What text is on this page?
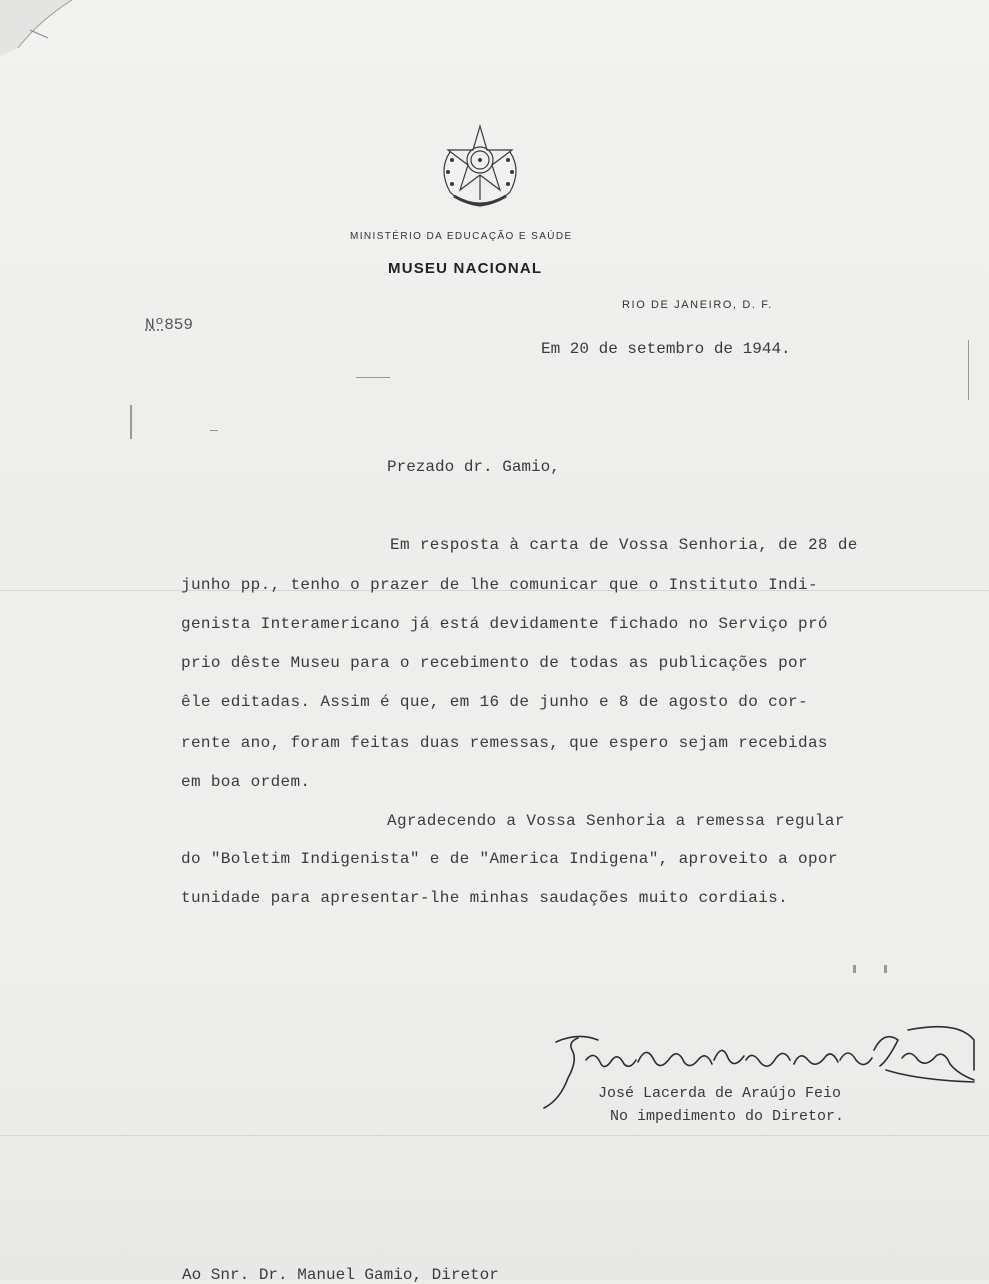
MINISTÉRIO DA EDUCAÇÃO E SAÚDE
MUSEU NACIONAL
RIO DE JANEIRO, D. F.
Nº859
Em 20 de setembro de 1944.
Prezado dr. Gamio,
Em resposta à carta de Vossa Senhoria, de 28 de
junho pp., tenho o prazer de lhe comunicar que o Instituto Indi-
genista Interamericano já está devidamente fichado no Serviço pró
prio dêste Museu para o recebimento de todas as publicações por
êle editadas. Assim é que, em 16 de junho e 8 de agosto do cor-
rente ano, foram feitas duas remessas, que espero sejam recebidas
em boa ordem.
Agradecendo a Vossa Senhoria a remessa regular
do "Boletim Indigenista" e de "America Indigena", aproveito a opor
tunidade para apresentar-lhe minhas saudações muito cordiais.
José Lacerda de Araújo Feio
No impedimento do Diretor.
Ao Snr. Dr. Manuel Gamio, Diretor
